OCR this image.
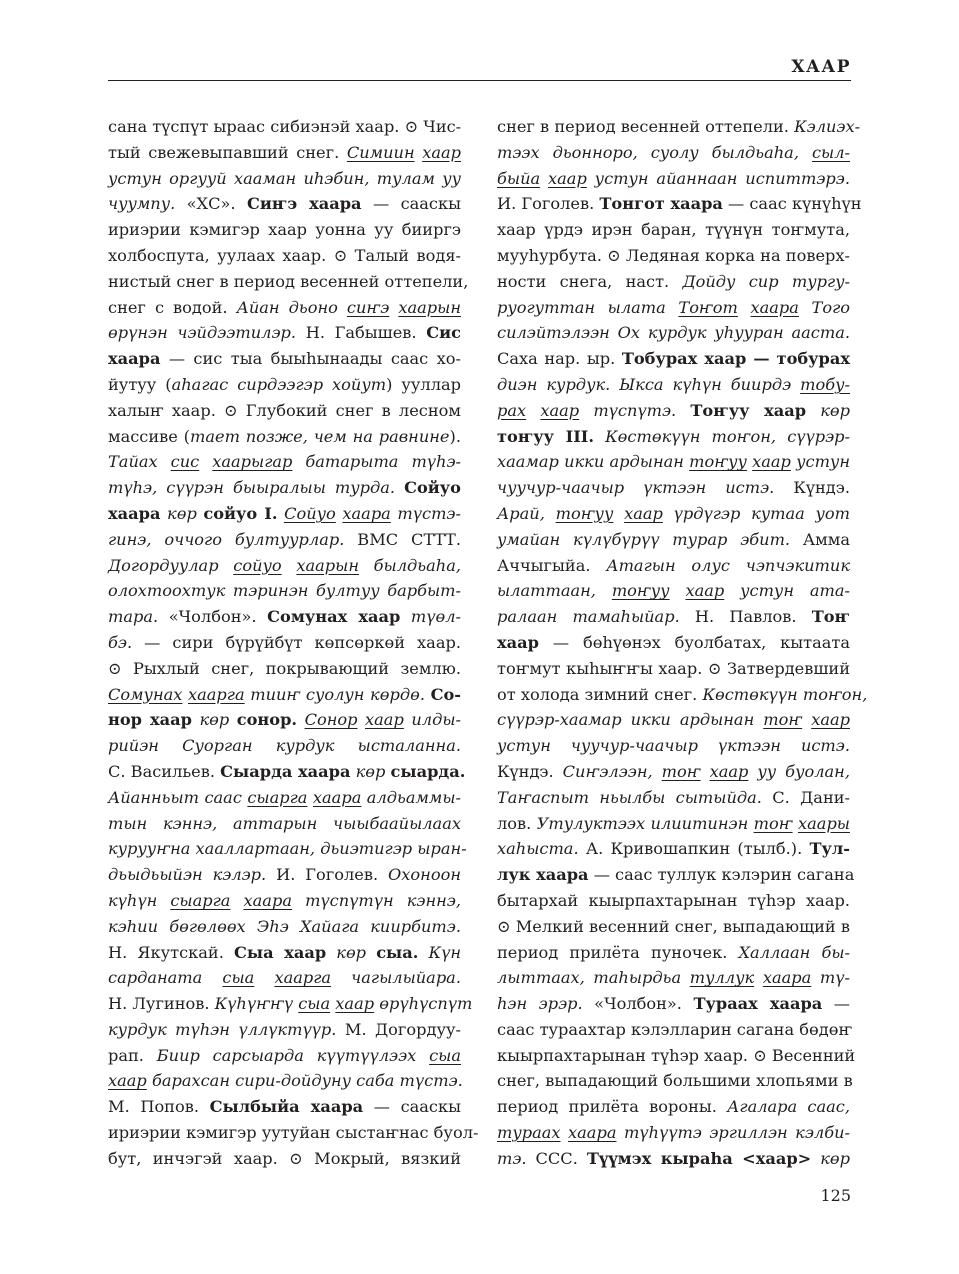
ХААР
сана түспүт ырааc сибиэнэй хаар. ⊙ Чис-
тый свежевыпавший снег. Симиин хаар
устун оргууй хааман иhэбин, тулам уу
чуумпу. «ХС». Сиҥэ хаара — сааскы
ириэрии кэмигэр хаар уонна уу бииргэ
холбоспута, уулаах хаар. ⊙ Талый водя-
нистый снег в период весенней оттепели,
снег с водой. Айан дьоно сиҥэ хаарын
өрүнэн чэйдээтилэр. Н. Габышев. Сис
хаара — сис тыа быыhынаады саас хо-
йутуу (аhагас сирдээгэр хойут) ууллар
халыҥ хаар. ⊙ Глубокий снег в лесном
массиве (тает позже, чем на равнине).
Тайах сис хаарыгар батарыта түhэ-
түhэ, сүүрэн быыралыы турда. Сойуо
хаара көр сойуо I. Сойуо хаара түстэ-
гинэ, оччого бултуурлар. ВМС СТТТ.
Догордуулар сойуо хаарын былдьаhа,
олохтоохтук тэринэн бултуу барбыт-
тара. «Чолбон». Сомунах хаар түөл-
бэ. — сири бүрүйбүт көпсөркөй хаар.
⊙ Рыхлый снег, покрывающий землю.
Сомунах хаарга тииҥ суолун көрдө. Со-
нор хаар көр сонор. Сонор хаар илды-
рийэн Суорган курдук ысталанна.
С. Васильев. Сыарда хаара көр сыарда.
Айанньыт саас сыарга хаара алдьаммы-
тын кэннэ, аттарын чыыбаайылаах
курууҥна хааллартаан, дьиэтигэр ыран-
дьыдьыйэн кэлэр. И. Гоголев. Охоноон
күhүн сыарга хаара түспүтүн кэннэ,
кэhии бөгөлөөх Эhэ Хайага киирбитэ.
Н. Якутскай. Сыа хаар көр сыа. Күн
сарданата сыа хаарга чагылыйара.
Н. Лугинов. Күhүҥҥү сыа хаар өрүһүспүт
курдук түhэн үллүктүүр. М. Догордуу-
рап. Биир сарсыарда күүтүүлээх сыа
хаар барахсан сири-дойдуну саба түстэ.
М. Попов. Сылбыйа хаара — сааскы
ириэрии кэмигэр уутуйан сыстаҥнас буол-
бут, инчэгэй хаар. ⊙ Мокрый, вязкий
снег в период весенней оттепели. Кэлиэх-
тээх дьонноро, суолу былдьаhа, сыл-
быйа хаар устун айаннаан испиттэрэ.
И. Гоголев. Тонгот хаара — саас күнүhүн
хаар үрдэ ирэн баран, түүнүн тоҥмута,
мууhурбута. ⊙ Ледяная корка на поверх-
ности снега, наст. Дойду сир тургу-
руогуттан ылата Тоҥот хаара Того
силэйтэлээн Ох курдук уhууран ааста.
Саха нар. ыр. Тобурах хаар — тобурах
диэн курдук. Ыкса күhүн биирдэ тобу-
рах хаар түспүтэ. Тоҥуу хаар көр
тоҥуу III. Көстөкүүн тоҥон, сүүрэр-
хаамар икки ардынан тоҥуу хаар устун
чуучур-чаачыр үктээн истэ. Күндэ.
Арай, тоҥуу хаар үрдүгэр кутаа уот
умайан күлүбүрүү турар эбит. Амма
Аччыгыйа. Атагын олус чэпчэкитик
ылаттаан, тоҥуу хаар устун ата-
ралаан тамаhыйар. Н. Павлов. Тоҥ
хаар — бөhүөнэх буолбатах, кытаата
тоҥмут кыhыҥҥы хаар. ⊙ Затвердевший
от холода зимний снег. Көстөкүүн тоҥон,
сүүрэр-хаамар икки ардынан тоҥ хаар
устун чуучур-чаачыр үктээн истэ.
Күндэ. Сиҥэлээн, тоҥ хаар уу буолан,
Таҥаспыт ньылбы сытыйда. С. Дани-
лов. Утулуктээх илиитинэн тоҥ хаары
хаhыста. А. Кривошапкин (тылб.). Тул-
лук хаара — саас туллук кэлэрин сагана
бытархай кыырпахтарынан түhэр хаар.
⊙ Мелкий весенний снег, выпадающий в
период прилёта пуночек. Халлаан бы-
лыттаах, таhырдьа туллук хаара тү-
hэн эрэр. «Чолбон». Тураах хаара —
саас тураахтар кэлэлларин сагана бөдөҥ
кыырпахтарынан түhэр хаар. ⊙ Весенний
снег, выпадающий большими хлопьями в
период прилёта вороны. Агалара саас,
тураах хаара түhүүтэ эргиллэн кэлби-
тэ. ССС. Түүмэх кыраhа <хаар> көр
125
